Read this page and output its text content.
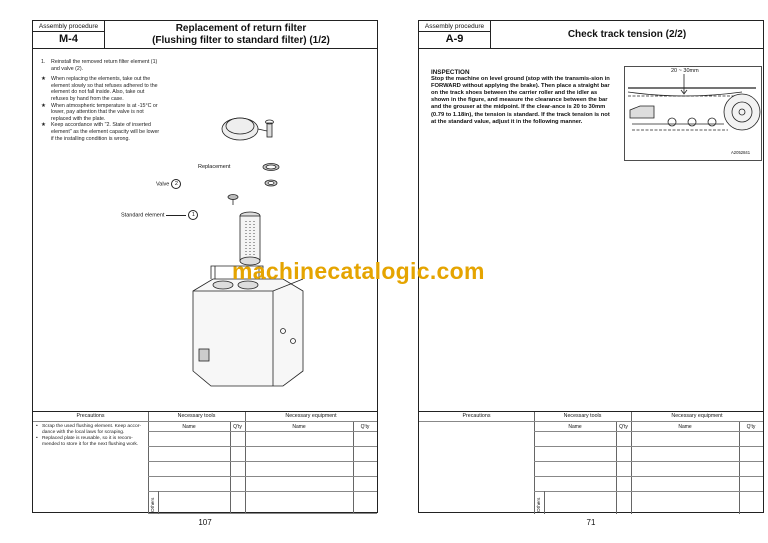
Assembly procedure
M-4
Replacement of return filter
(Flushing filter to standard filter) (1/2)
1. Reinstall the removed return filter element (1) and valve (2).
★ When replacing the elements, take out the element slowly so that refuses adhered to the element do not fall inside. Also, take out refuses by hand from the case.
★ When atmospheric temperature is at -15°C or lower, pay attention that the valve is not replaced with the plate.
★ Keep accordance with "2. State of inserted element" as the element capacity will be lower if the installing condition is wrong.
Replacement
Valve 2
Standard element	1
Precautions	Necessary tools	Necessary equipment
Name	Q'ty	Name	Q'ty
• Scrap the used flushing element. Keep accor-dance with the local laws for scraping.
• Replaced plate is reusable, so it is recom-mended to store it for the next flushing work.
Others
107
Assembly procedure
A-9	Check track tension (2/2)
INSPECTION
Stop the machine on level ground (stop with the transmis-sion in FORWARD without applying the brake). Then place a straight bar on the track shoes between the carrier roller and the idler as shown in the figure, and measure the clearance between the bar and the grouser at the midpoint. If the clear-ance is 20 to 30mm (0.79 to 1.18in), the tension is standard. If the track tension is not at the standard value, adjust it in the following manner.
20 ~ 30mm
A2052841
Precautions	Necessary tools	Necessary equipment
Name	Q'ty	Name	Q'ty
Others
71
machinecatalogic.com
